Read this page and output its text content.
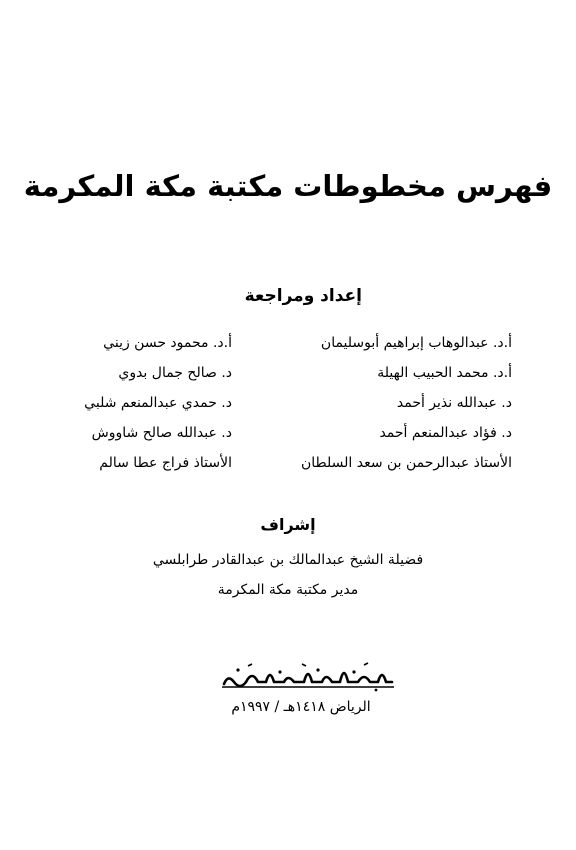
فهرس مخطوطات مكتبة مكة المكرمة
إعداد ومراجعة
أ.د. عبدالوهاب إبراهيم أبوسليمان
أ.د. محمد الحبيب الهيلة
د. عبدالله نذير أحمد
د. فؤاد عبدالمنعم أحمد
الأستاذ عبدالرحمن بن سعد السلطان
أ.د. محمود حسن زيني
د. صالح جمال بدوي
د. حمدي عبدالمنعم شلبي
د. عبدالله صالح شاووش
الأستاذ فراج عطا سالم
إشراف
فضيلة الشيخ عبدالمالك بن عبدالقادر طرابلسي
مدير مكتبة مكة المكرمة
الرياض ١٤١٨هـ / ١٩٩٧م
